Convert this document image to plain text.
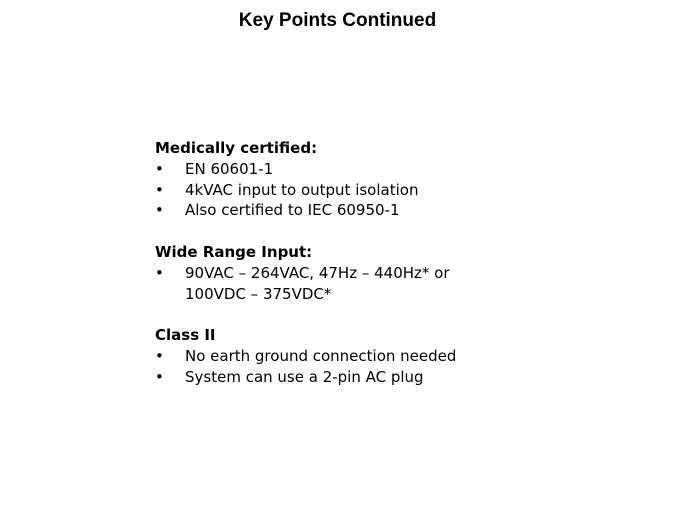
Key Points Continued
Medically certified:
• EN 60601-1
• 4kVAC input to output isolation
• Also certified to IEC 60950-1
Wide Range Input:
• 90VAC – 264VAC, 47Hz – 440Hz* or 100VDC – 375VDC*
Class II
• No earth ground connection needed
• System can use a 2-pin AC plug
